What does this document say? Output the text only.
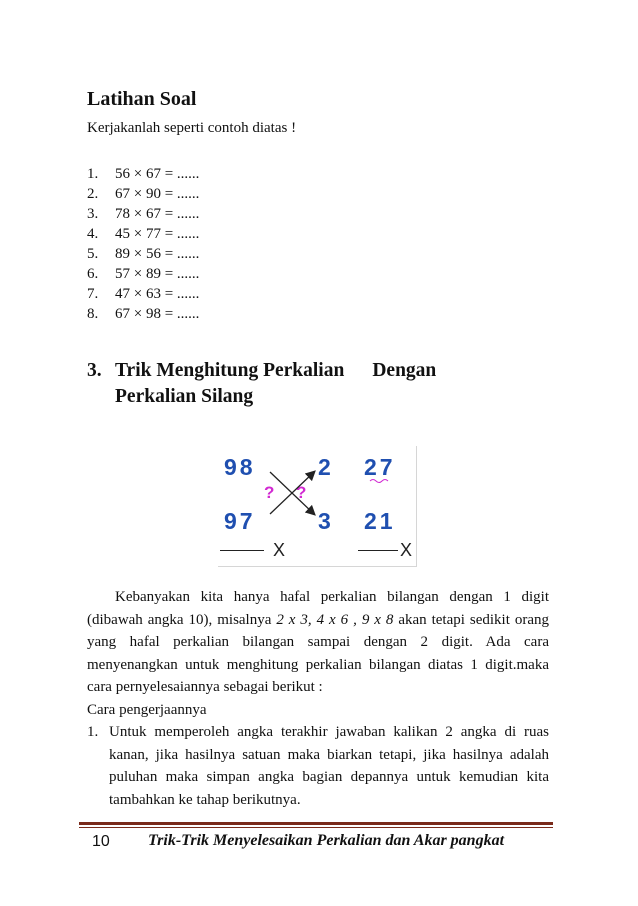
Latihan Soal
Kerjakanlah seperti contoh diatas !
1. 56 × 67 = ......
2. 67 × 90 = ......
3. 78 × 67 = ......
4. 45 × 77 = ......
5. 89 × 56 = ......
6. 57 × 89 = ......
7. 47 × 63 = ......
8. 67 × 98 = ......
3. Trik Menghitung Perkalian Dengan
Perkalian Silang
98
97
2
3
27
21
? ?
X	X
Kebanyakan kita hanya hafal perkalian bilangan dengan 1 digit (dibawah angka 10), misalnya 2 x 3, 4 x 6 , 9 x 8 akan tetapi sedikit orang yang hafal perkalian bilangan sampai dengan 2 digit. Ada cara menyenangkan untuk menghitung perkalian bilangan diatas 1 digit.maka cara pernyelesaiannya sebagai berikut :
Cara pengerjaannya
1. Untuk memperoleh angka terakhir jawaban kalikan 2 angka di ruas kanan, jika hasilnya satuan maka biarkan tetapi, jika hasilnya adalah puluhan maka simpan angka bagian depannya untuk kemudian kita tambahkan ke tahap berikutnya.
10 Trik-Trik Menyelesaikan Perkalian dan Akar pangkat
